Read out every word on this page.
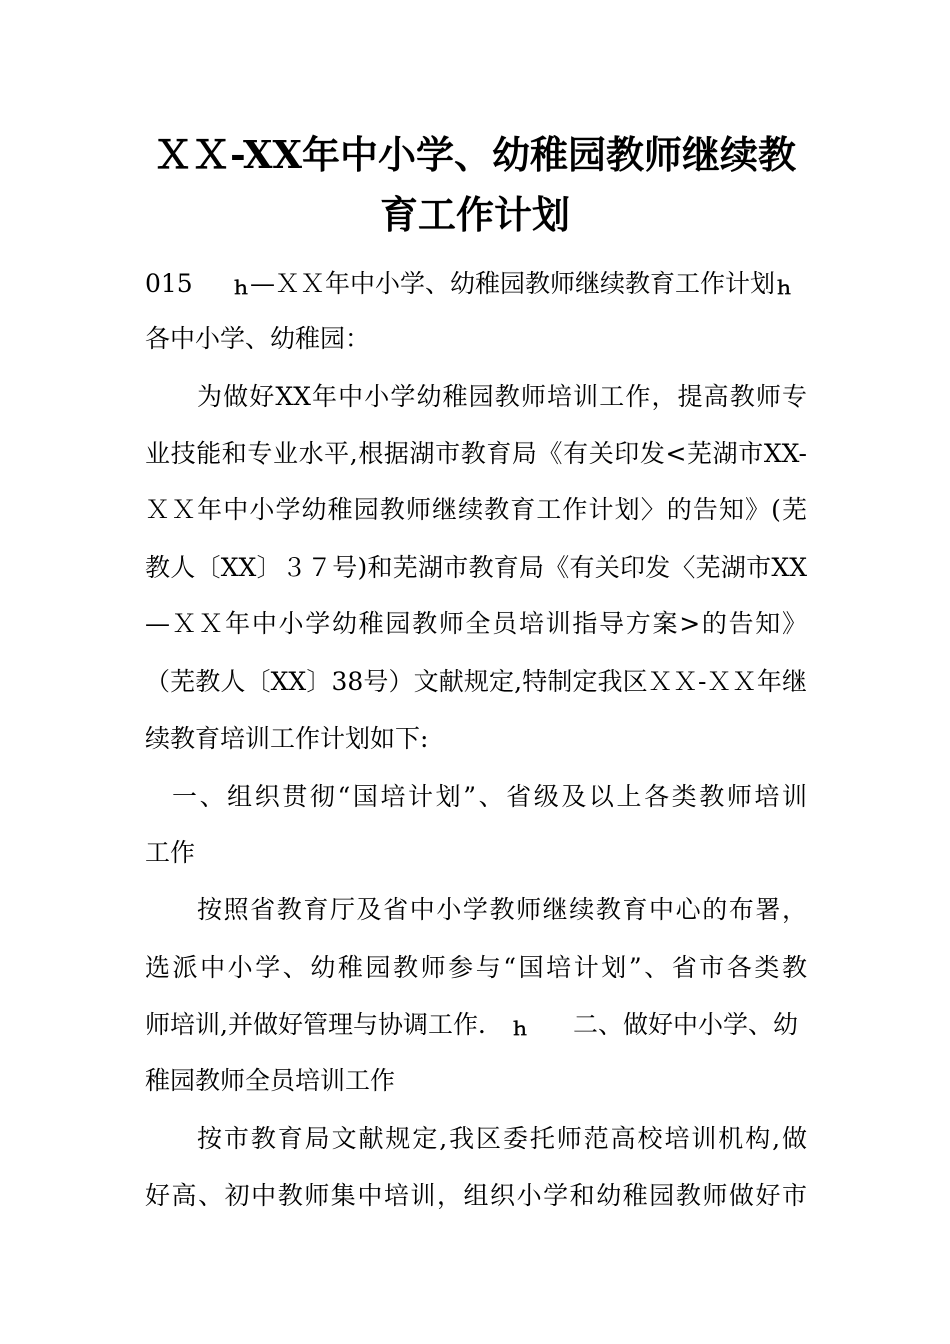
ＸＸ-XX年中小学、幼稚园教师继续教
育工作计划
015 ｈ—ＸＸ年中小学、幼稚园教师继续教育工作计划ｈ
各中小学、幼稚园：
为做好XX年中小学幼稚园教师培训工作，提高教师专
业技能和专业水平,根据湖市教育局《有关印发<芜湖市XX-
ＸＸ年中小学幼稚园教师继续教育工作计划〉的告知》(芜
教人〔XX〕３７号)和芜湖市教育局《有关印发〈芜湖市XX
—ＸＸ年中小学幼稚园教师全员培训指导方案>的告知》
（芜教人〔XX〕38号）文献规定,特制定我区ＸＸ-ＸＸ年继
续教育培训工作计划如下:
一、组织贯彻“国培计划”、省级及以上各类教师培训
工作
按照省教育厅及省中小学教师继续教育中心的布署，
选派中小学、幼稚园教师参与“国培计划”、省市各类教
师培训,并做好管理与协调工作． ｈ 二、做好中小学、幼
稚园教师全员培训工作
按市教育局文献规定,我区委托师范高校培训机构,做
好高、初中教师集中培训，组织小学和幼稚园教师做好市
